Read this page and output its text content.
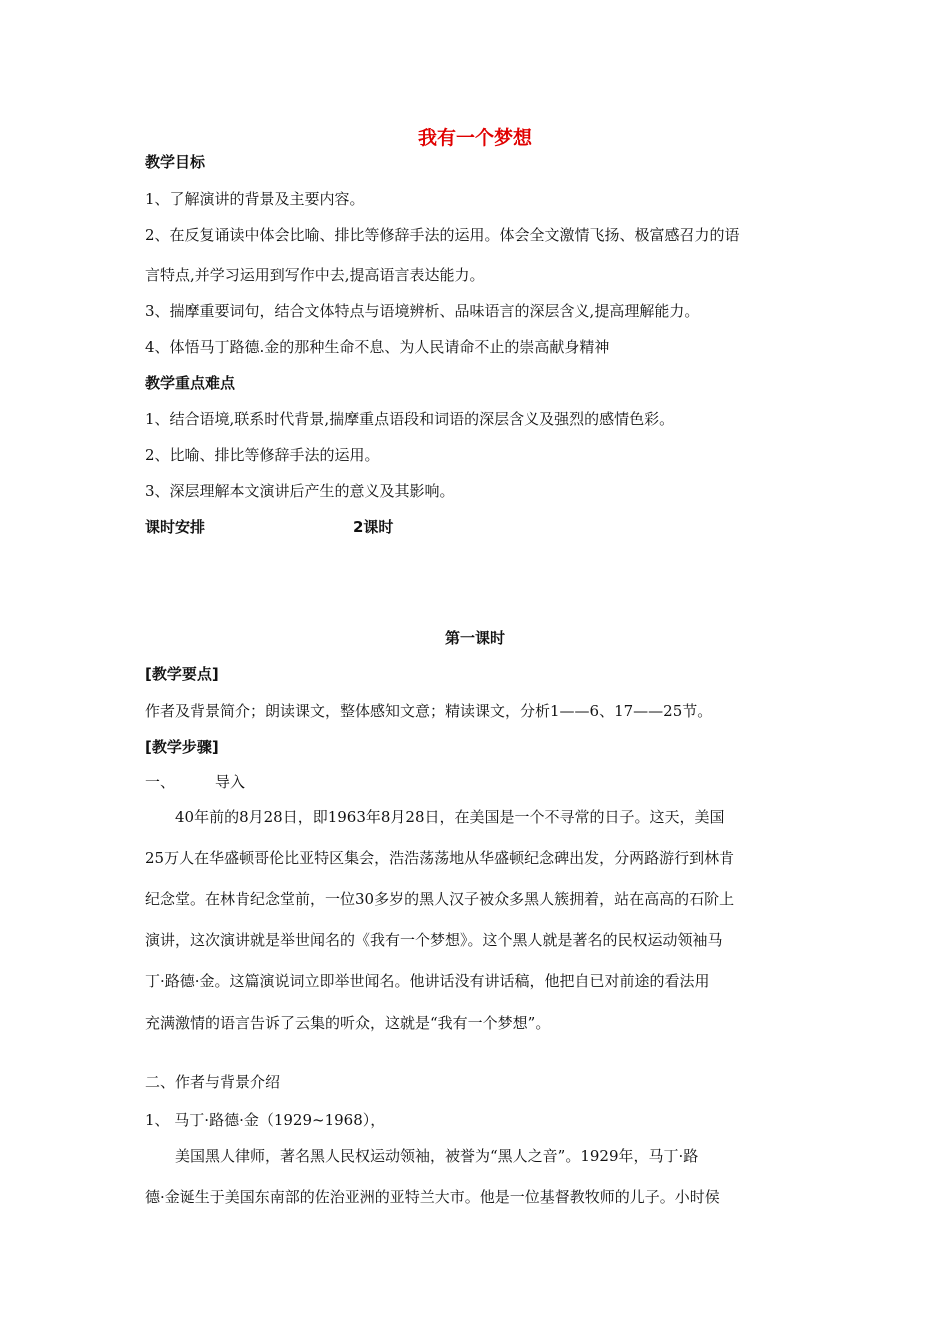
我有一个梦想
教学目标
1、了解演讲的背景及主要内容。
2、在反复诵读中体会比喻、排比等修辞手法的运用。体会全文激情飞扬、极富感召力的语
言特点,并学习运用到写作中去,提高语言表达能力。
3、揣摩重要词句，结合文体特点与语境辨析、品味语言的深层含义,提高理解能力。
4、体悟马丁路德.金的那种生命不息、为人民请命不止的崇高献身精神
教学重点难点
1、结合语境,联系时代背景,揣摩重点语段和词语的深层含义及强烈的感情色彩。
2、比喻、排比等修辞手法的运用。
3、深层理解本文演讲后产生的意义及其影响。
课时安排	2课时
第一课时
[教学要点]
作者及背景简介；朗读课文，整体感知文意；精读课文，分析1——6、17——25节。
[教学步骤]
一、	导入
40年前的8月28日，即1963年8月28日，在美国是一个不寻常的日子。这天，美国
25万人在华盛顿哥伦比亚特区集会，浩浩荡荡地从华盛顿纪念碑出发，分两路游行到林肯
纪念堂。在林肯纪念堂前，一位30多岁的黑人汉子被众多黑人簇拥着，站在高高的石阶上
演讲，这次演讲就是举世闻名的《我有一个梦想》。这个黑人就是著名的民权运动领袖马
丁·路德·金。这篇演说词立即举世闻名。他讲话没有讲话稿，他把自已对前途的看法用
充满激情的语言告诉了云集的听众，这就是“我有一个梦想”。
二、作者与背景介绍
1、 马丁·路德·金（1929~1968），
美国黑人律师，著名黑人民权运动领袖，被誉为“黑人之音”。1929年，马丁·路
德·金诞生于美国东南部的佐治亚洲的亚特兰大市。他是一位基督教牧师的儿子。小时侯
